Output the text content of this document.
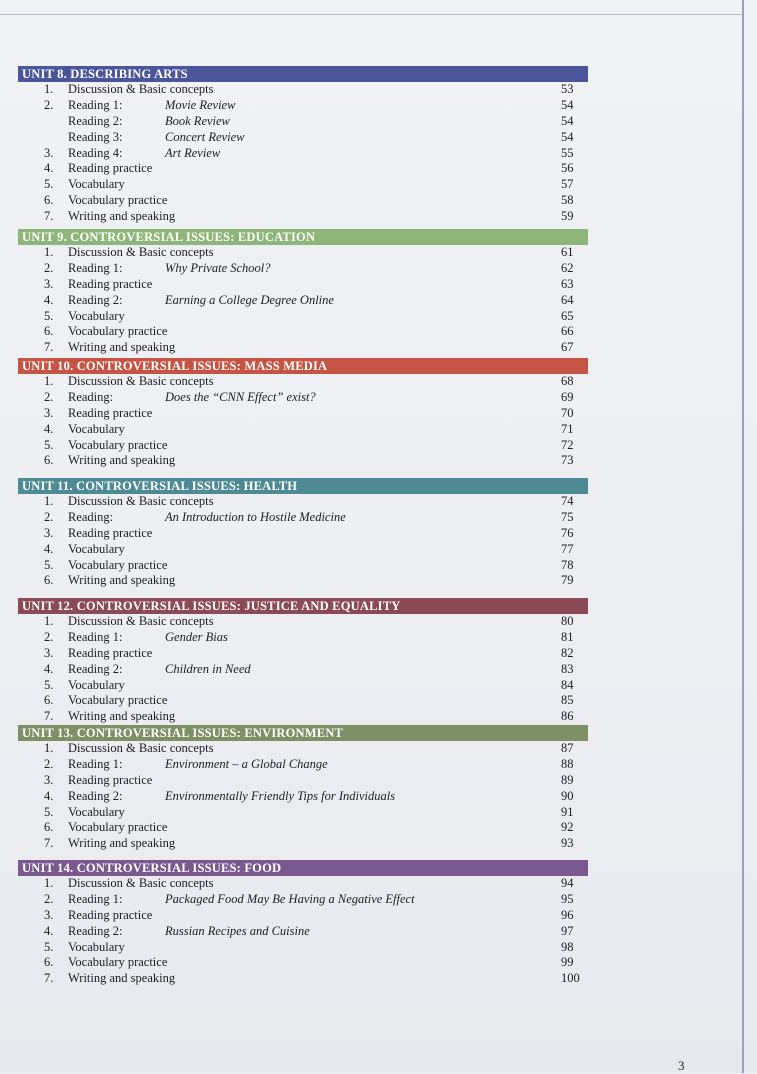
UNIT 8. DESCRIBING ARTS
1. Discussion & Basic concepts	53
2. Reading 1:	Movie Review	54
Reading 2:	Book Review	54
Reading 3:	Concert Review	54
3. Reading 4:	Art Review	55
4. Reading practice	56
5. Vocabulary	57
6. Vocabulary practice	58
7. Writing and speaking	59
UNIT 9. CONTROVERSIAL ISSUES: EDUCATION
1. Discussion & Basic concepts	61
2. Reading 1:	Why Private School?	62
3. Reading practice	63
4. Reading 2:	Earning a College Degree Online	64
5. Vocabulary	65
6. Vocabulary practice	66
7. Writing and speaking	67
UNIT 10. CONTROVERSIAL ISSUES: MASS MEDIA
1. Discussion & Basic concepts	68
2. Reading:	Does the “CNN Effect” exist?	69
3. Reading practice	70
4. Vocabulary	71
5. Vocabulary practice	72
6. Writing and speaking	73
UNIT 11. CONTROVERSIAL ISSUES: HEALTH
1. Discussion & Basic concepts	74
2. Reading:	An Introduction to Hostile Medicine	75
3. Reading practice	76
4. Vocabulary	77
5. Vocabulary practice	78
6. Writing and speaking	79
UNIT 12. CONTROVERSIAL ISSUES: JUSTICE AND EQUALITY
1. Discussion & Basic concepts	80
2. Reading 1:	Gender Bias	81
3. Reading practice	82
4. Reading 2:	Children in Need	83
5. Vocabulary	84
6. Vocabulary practice	85
7. Writing and speaking	86
UNIT 13. CONTROVERSIAL ISSUES: ENVIRONMENT
1. Discussion & Basic concepts	87
2. Reading 1:	Environment – a Global Change	88
3. Reading practice	89
4. Reading 2:	Environmentally Friendly Tips for Individuals	90
5. Vocabulary	91
6. Vocabulary practice	92
7. Writing and speaking	93
UNIT 14. CONTROVERSIAL ISSUES: FOOD
1. Discussion & Basic concepts	94
2. Reading 1:	Packaged Food May Be Having a Negative Effect	95
3. Reading practice	96
4. Reading 2:	Russian Recipes and Cuisine	97
5. Vocabulary	98
6. Vocabulary practice	99
7. Writing and speaking	100
3
